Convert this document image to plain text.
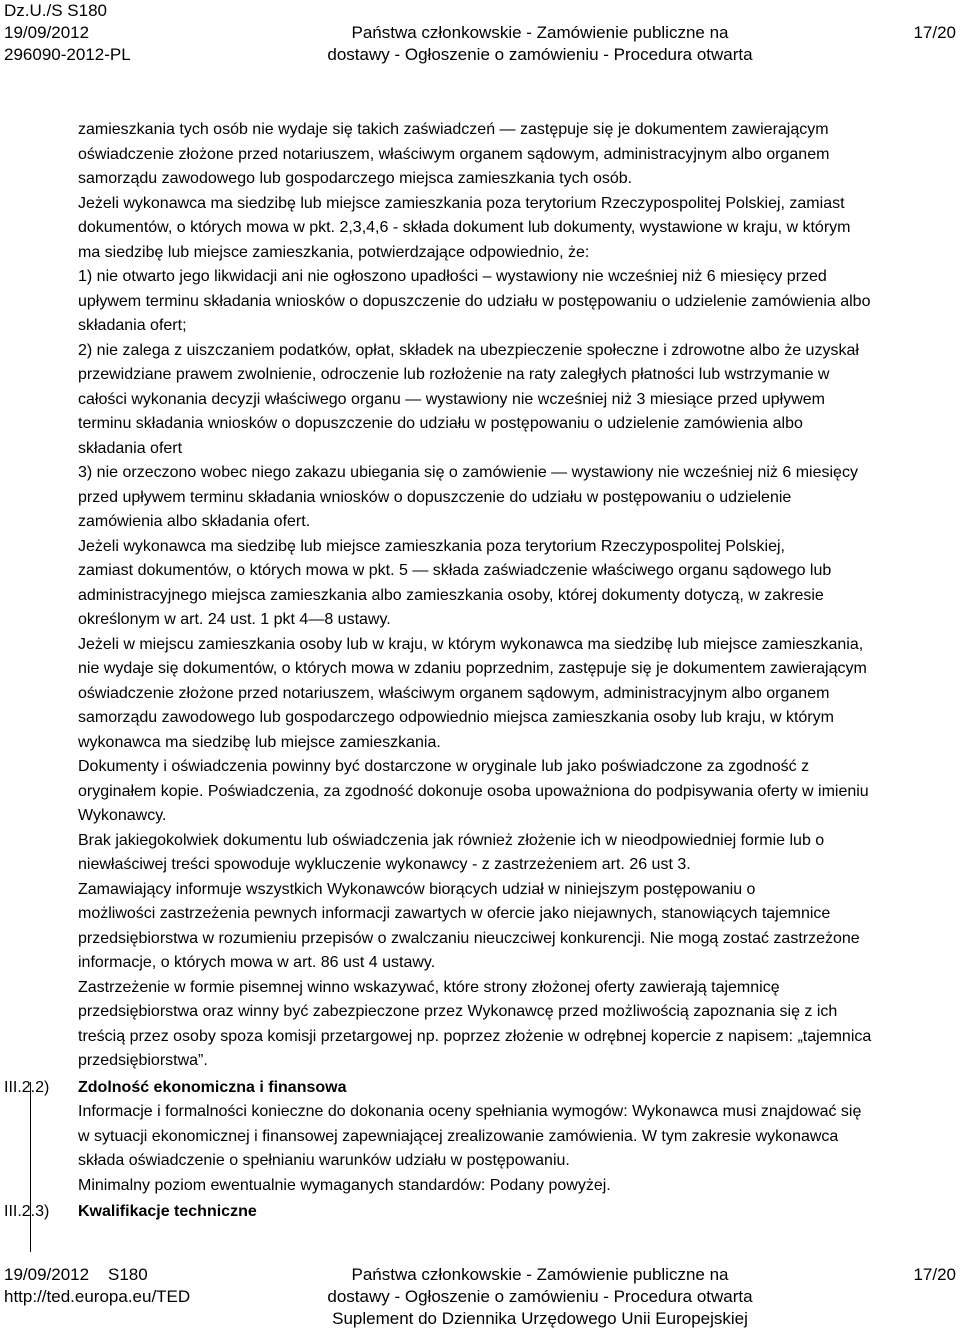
Dz.U./S S180
19/09/2012
296090-2012-PL
Państwa członkowskie - Zamówienie publiczne na
dostawy - Ogłoszenie o zamówieniu - Procedura otwarta
17/20

zamieszkania tych osób nie wydaje się takich zaświadczeń — zastępuje się je dokumentem zawierającym
oświadczenie złożone przed notariuszem, właściwym organem sądowym, administracyjnym albo organem
samorządu zawodowego lub gospodarczego miejsca zamieszkania tych osób.

Jeżeli wykonawca ma siedzibę lub miejsce zamieszkania poza terytorium Rzeczypospolitej Polskiej, zamiast
dokumentów, o których mowa w pkt. 2,3,4,6 - składa dokument lub dokumenty, wystawione w kraju, w którym
ma siedzibę lub miejsce zamieszkania, potwierdzające odpowiednio, że:

1) nie otwarto jego likwidacji ani nie ogłoszono upadłości – wystawiony nie wcześniej niż 6 miesięcy przed
upływem terminu składania wniosków o dopuszczenie do udziału w postępowaniu o udzielenie zamówienia albo
składania ofert;

2) nie zalega z uiszczaniem podatków, opłat, składek na ubezpieczenie społeczne i zdrowotne albo że uzyskał
przewidziane prawem zwolnienie, odroczenie lub rozłożenie na raty zaległych płatności lub wstrzymanie w
całości wykonania decyzji właściwego organu — wystawiony nie wcześniej niż 3 miesiące przed upływem
terminu składania wniosków o dopuszczenie do udziału w postępowaniu o udzielenie zamówienia albo
składania ofert

3) nie orzeczono wobec niego zakazu ubiegania się o zamówienie — wystawiony nie wcześniej niż 6 miesięcy
przed upływem terminu składania wniosków o dopuszczenie do udziału w postępowaniu o udzielenie
zamówienia albo składania ofert.

Jeżeli wykonawca ma siedzibę lub miejsce zamieszkania poza terytorium Rzeczypospolitej Polskiej,
zamiast dokumentów, o których mowa w pkt. 5 — składa zaświadczenie właściwego organu sądowego lub
administracyjnego miejsca zamieszkania albo zamieszkania osoby, której dokumenty dotyczą, w zakresie
określonym w art. 24 ust. 1 pkt 4—8 ustawy.

Jeżeli w miejscu zamieszkania osoby lub w kraju, w którym wykonawca ma siedzibę lub miejsce zamieszkania,
nie wydaje się dokumentów, o których mowa w zdaniu poprzednim, zastępuje się je dokumentem zawierającym
oświadczenie złożone przed notariuszem, właściwym organem sądowym, administracyjnym albo organem
samorządu zawodowego lub gospodarczego odpowiednio miejsca zamieszkania osoby lub kraju, w którym
wykonawca ma siedzibę lub miejsce zamieszkania.

Dokumenty i oświadczenia powinny być dostarczone w oryginale lub jako poświadczone za zgodność z
oryginałem kopie. Poświadczenia, za zgodność dokonuje osoba upoważniona do podpisywania oferty w imieniu
Wykonawcy.

Brak jakiegokolwiek dokumentu lub oświadczenia jak również złożenie ich w nieodpowiedniej formie lub o
niewłaściwej treści spowoduje wykluczenie wykonawcy - z zastrzeżeniem art. 26 ust 3.

Zamawiający informuje wszystkich Wykonawców biorących udział w niniejszym postępowaniu o
możliwości zastrzeżenia pewnych informacji zawartych w ofercie jako niejawnych, stanowiących tajemnice
przedsiębiorstwa w rozumieniu przepisów o zwalczaniu nieuczciwej konkurencji. Nie mogą zostać zastrzeżone
informacje, o których mowa w art. 86 ust 4 ustawy.

Zastrzeżenie w formie pisemnej winno wskazywać, które strony złożonej oferty zawierają tajemnicę
przedsiębiorstwa oraz winny być zabezpieczone przez Wykonawcę przed możliwością zapoznania się z ich
treścią przez osoby spoza komisji przetargowej np. poprzez złożenie w odrębnej kopercie z napisem: „tajemnica
przedsiębiorstwa”.

III.2.2) Zdolność ekonomiczna i finansowa

Informacje i formalności konieczne do dokonania oceny spełniania wymogów: Wykonawca musi znajdować się
w sytuacji ekonomicznej i finansowej zapewniającej zrealizowanie zamówienia. W tym zakresie wykonawca
składa oświadczenie o spełnianiu warunków udziału w postępowaniu.

Minimalny poziom ewentualnie wymaganych standardów: Podany powyżej.

III.2.3) Kwalifikacje techniczne

19/09/2012    S180
http://ted.europa.eu/TED
Państwa członkowskie - Zamówienie publiczne na
dostawy - Ogłoszenie o zamówieniu - Procedura otwarta
Suplement do Dziennika Urzędowego Unii Europejskiej
17/20
